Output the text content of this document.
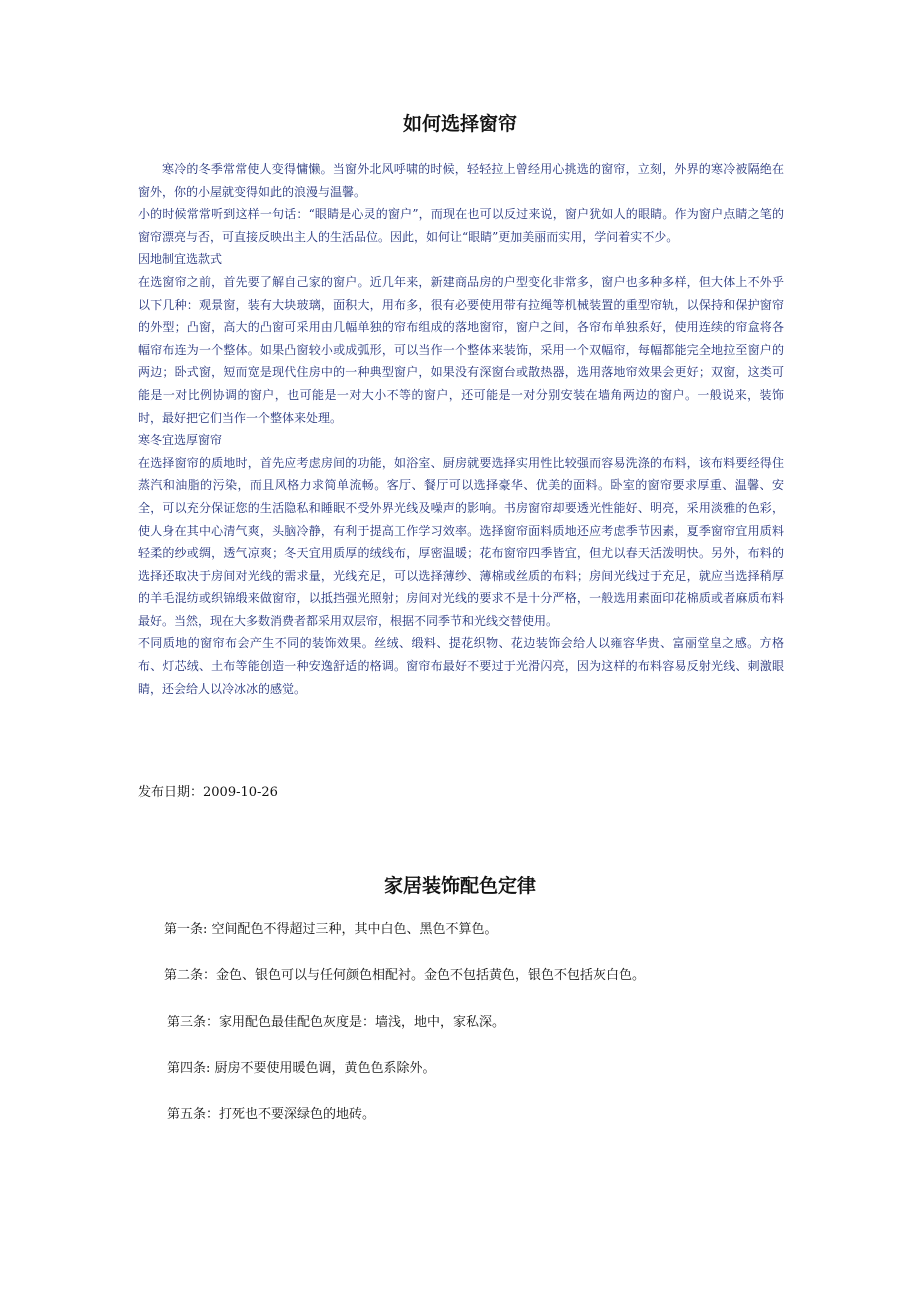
如何选择窗帘

寒冷的冬季常常使人变得慵懒。当窗外北风呼啸的时候，轻轻拉上曾经用心挑选的窗帘，立刻，外界的寒冷被隔绝在窗外，你的小屋就变得如此的浪漫与温馨。

小的时候常常听到这样一句话：“眼睛是心灵的窗户”，而现在也可以反过来说，窗户犹如人的眼睛。作为窗户点睛之笔的窗帘漂亮与否，可直接反映出主人的生活品位。因此，如何让“眼睛”更加美丽而实用，学问着实不少。

因地制宜选款式

在选窗帘之前，首先要了解自己家的窗户。近几年来，新建商品房的户型变化非常多，窗户也多种多样，但大体上不外乎以下几种：观景窗，装有大块玻璃，面积大，用布多，很有必要使用带有拉绳等机械装置的重型帘轨，以保持和保护窗帘的外型；凸窗，高大的凸窗可采用由几幅单独的帘布组成的落地窗帘，窗户之间，各帘布单独系好，使用连续的帘盒将各幅帘布连为一个整体。如果凸窗较小或成弧形，可以当作一个整体来装饰，采用一个双幅帘，每幅都能完全地拉至窗户的两边；卧式窗，短而宽是现代住房中的一种典型窗户，如果没有深窗台或散热器，选用落地帘效果会更好；双窗，这类可能是一对比例协调的窗户，也可能是一对大小不等的窗户，还可能是一对分别安装在墙角两边的窗户。一般说来，装饰时，最好把它们当作一个整体来处理。

寒冬宜选厚窗帘

在选择窗帘的质地时，首先应考虑房间的功能，如浴室、厨房就要选择实用性比较强而容易洗涤的布料，该布料要经得住蒸汽和油脂的污染，而且风格力求简单流畅。客厅、餐厅可以选择豪华、优美的面料。卧室的窗帘要求厚重、温馨、安全，可以充分保证您的生活隐私和睡眠不受外界光线及噪声的影响。书房窗帘却要透光性能好、明亮，采用淡雅的色彩，使人身在其中心清气爽，头脑冷静，有利于提高工作学习效率。选择窗帘面料质地还应考虑季节因素，夏季窗帘宜用质料轻柔的纱或绸，透气凉爽；冬天宜用质厚的绒线布，厚密温暖；花布窗帘四季皆宜，但尤以春天活泼明快。另外，布料的选择还取决于房间对光线的需求量，光线充足，可以选择薄纱、薄棉或丝质的布料；房间光线过于充足，就应当选择稍厚的羊毛混纺或织锦缎来做窗帘，以抵挡强光照射；房间对光线的要求不是十分严格，一般选用素面印花棉质或者麻质布料最好。当然，现在大多数消费者都采用双层帘，根据不同季节和光线交替使用。

不同质地的窗帘布会产生不同的装饰效果。丝绒、缎料、提花织物、花边装饰会给人以雍容华贵、富丽堂皇之感。方格布、灯芯绒、土布等能创造一种安逸舒适的格调。窗帘布最好不要过于光滑闪亮，因为这样的布料容易反射光线、刺激眼睛，还会给人以冷冰冰的感觉。

发布日期：2009-10-26

家居装饰配色定律

第一条: 空间配色不得超过三种，其中白色、黑色不算色。

第二条：金色、银色可以与任何颜色相配衬。金色不包括黄色，银色不包括灰白色。

第三条：家用配色最佳配色灰度是：墙浅，地中，家私深。

第四条: 厨房不要使用暖色调，黄色色系除外。

第五条：打死也不要深绿色的地砖。
